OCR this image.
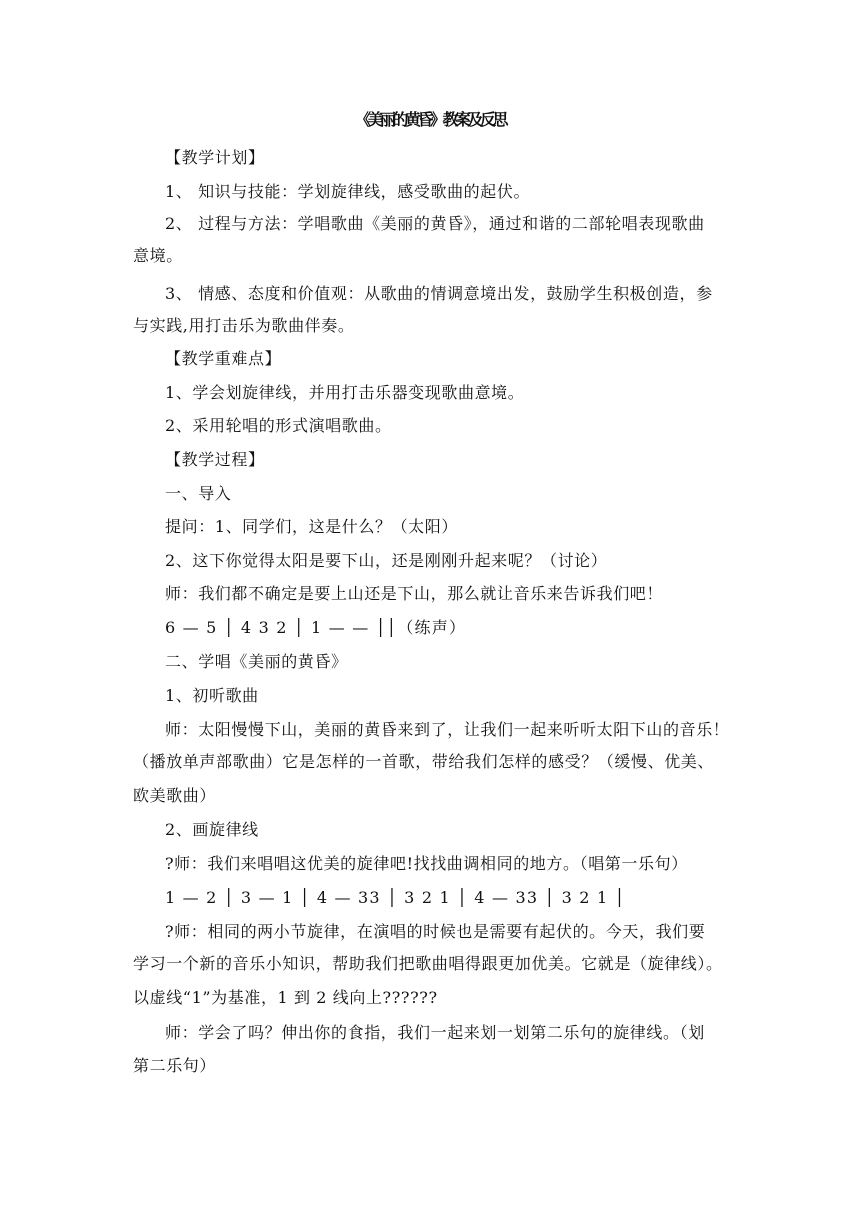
《美丽的黄昏》教案及反思
【教学计划】
1、 知识与技能：学划旋律线，感受歌曲的起伏。
2、 过程与方法：学唱歌曲《美丽的黄昏》，通过和谐的二部轮唱表现歌曲
意境。
3、 情感、态度和价值观：从歌曲的情调意境出发，鼓励学生积极创造，参
与实践,用打击乐为歌曲伴奏。
【教学重难点】
1、学会划旋律线，并用打击乐器变现歌曲意境。
2、采用轮唱的形式演唱歌曲。
【教学过程】
一、导入
提问：1、同学们，这是什么？（太阳）
2、这下你觉得太阳是要下山，还是刚刚升起来呢？（讨论）
师：我们都不确定是要上山还是下山，那么就让音乐来告诉我们吧！
6 — 5 │ 4 3 2 │ 1 — — ││（练声）
二、学唱《美丽的黄昏》
1、初听歌曲
师：太阳慢慢下山，美丽的黄昏来到了，让我们一起来听听太阳下山的音乐！
（播放单声部歌曲）它是怎样的一首歌，带给我们怎样的感受？（缓慢、优美、
欧美歌曲）
2、画旋律线
?师：我们来唱唱这优美的旋律吧!找找曲调相同的地方。（唱第一乐句）
1 — 2 │ 3 — 1 │ 4 — 33 │ 3 2 1 │ 4 — 33 │ 3 2 1 │
?师：相同的两小节旋律，在演唱的时候也是需要有起伏的。今天，我们要
学习一个新的音乐小知识，帮助我们把歌曲唱得跟更加优美。它就是（旋律线）。
以虚线“1”为基准，1 到 2 线向上??????
师：学会了吗？伸出你的食指，我们一起来划一划第二乐句的旋律线。（划
第二乐句）
